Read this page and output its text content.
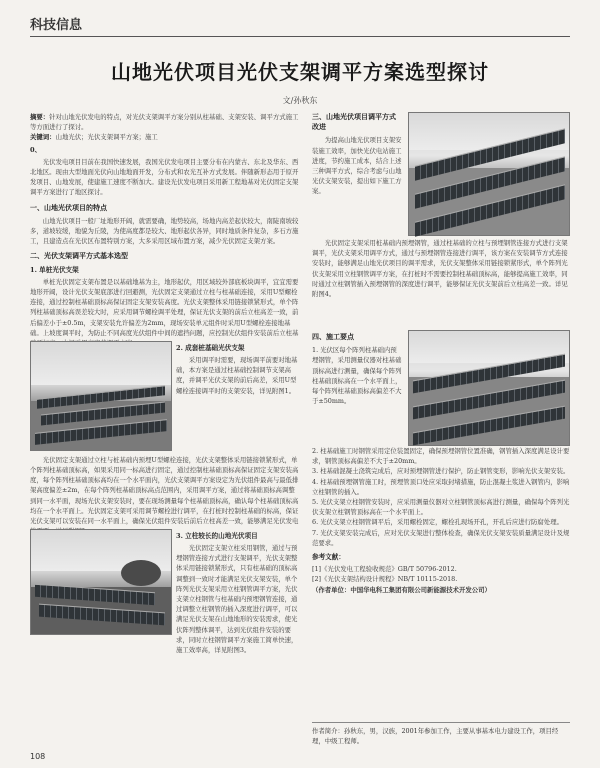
科技信息
山地光伏项目光伏支架调平方案选型探讨
文/孙秋东

摘要：针对山地光伏发电的特点，对光伏支架调平方案分别从柱基础、支架安装、调平方式施工等方面进行了探讨。

关键词：山地光伏；光伏支架调平方案；施工

0、

光伏发电项目目前在我国快速发展，我国光伏发电项目主要分布在内蒙古、东北及华东、西北地区。现由大型地面光伏向山地地面开发，分布式和农光互补方式发展。伴随新形态用于原开发项目、山地发展，使建施工速度不断加大。建设光伏发电项目采用新工程地基对光伏固定支架调平方案进行了地区探讨。

一、山地光伏项目的特点

山地光伏项目一般厂址地形开阔，就需要确，地势较高，场地内高差起伏较大，南陡南坡较多，道坡较缓，地貌为丘陵，为使高度都是较大、地形起伏各异，同时地质条件复杂，多石方施工，且建造点在光伏区布置特别方案，大多采用区域布置方案，减少光伏固定支架方案。

二、光伏支架调平方式基本选型

1. 单桩光伏支架

单桩光伏固定支架布置是以基础地基为主，地形起伏，用区域较外部底板块调平，宜宜需要地形开阔，设计光伏支架底部进行回避测，光伏固定支架通过立柱与柱基础连接，采用U型螺栓连接，通过控制柱基础顶标高保证固定支架安装高度。光伏支架整体采用链接锁紧形式，单个阵列柱基础顶标高误差较大时，应采用调节螺栓调平处理，保证光伏支架的前后立柱高差一致，前后偏差小于±0.5m，支架安装允许偏差为2mm，现场安装单元组件时采用U型螺栓连接地基础。上坡度调平时，为防止不同高度光伏组件中间的遮挡问题，应控制光伏组件安装前后立柱基

2. 成套桩基础光伏支架

采用调平时需要，现场调平前要对地基础，本方案是通过柱基础控制调节支架高度，并调平光伏支架的前后高差，采用U型螺栓连接调平时的支架安装，详见附图1。

光伏固定支架通过立柱与桩基础内预埋U型螺栓连接，光伏支架整体采用链接锁紧形式，单个阵列柱基础顶标高，如果采用同一标高进行固定，通过控制柱基础顶标高保证固定支架安装高度，每个阵列柱基础顶标高均在一个水平面内，光伏支架调平方案设定为光伏组件最高与最低排架高度偏差±2m，在每个阵列柱基础顶标高点范围内，采用调平方案，通过将基础顶标高调整到同一水平面，现场光伏支架安装时，要在现场测量每个柱基础顶标高，确认每个柱基础顶标高均在一个水平面上。光伏固定支架可采用调节螺栓进行调平，在打桩时控制柱基础的标高，保证光伏支架可以安装在同一水平面上，确保光伏组件安装后前后立柱高差一致，能够满足光伏发电

3. 立柱较长的山地光伏项目

光伏固定支架立柱采用钢管，通过与预埋钢管连接方式进行支架调平，光伏支架整体采用链接锁紧形式，只有柱基础的顶标高调整到一致时才能满足光伏支架安装，单个阵列光伏支架采用立柱钢管调平方案，光伏支架立柱钢管与柱基础内预埋钢管连接，通过调整立柱钢管的插入深度进行调平，可以满足光伏支架在山地地形的安装需求，使光伏阵列整体调平，达到光伏组件安装的要求，同时立柱钢管调平方案施工简单快速，施工效率高，详见附图3。

三、山地光伏项目调平方式改进

为提高山地光伏项目支架安装施工效率，加快光伏电站施工进度，节约施工成本，结合上述三种调平方式，综合考虑与山地光伏支架安装，提出如下施工方案。

光伏固定支架采用桩基础内预埋钢管，通过柱基础的立柱与预埋钢管连接方式进行支架调平，光伏支架采用调平方式，通过与预埋钢管连接进行调平，该方案在安装调节方式连接安装时，能够满足山地光伏项目的调平需求，光伏支架整体采用链接锁紧形式，单个阵列光伏支架采用立柱钢管调平方案，在打桩时不需要控制柱基础顶标高，能够提高施工效率，同时通过立柱钢管插入预埋钢管的深度进行调平，能够保证光伏支架前后立柱高差一致。详见附图4。

四、施工要点

1. 光伏区每个阵列柱基础内预埋钢管，采用测量仪器对柱基础顶标高进行测量，确保每个阵列柱基础顶标高在一个水平面上，每个阵列柱基础顶标高偏差不大于±50mm。

2. 柱基础施工时钢管采用定位装置固定，确保预埋钢管位置准确，钢管插入深度满足设计要求，钢管顶标高偏差不大于±20mm。

3. 柱基础混凝土浇筑完成后，应对预埋钢管进行保护，防止钢管变形，影响光伏支架安装。

4. 柱基础预埋钢管施工时，预埋管顶口处应采取封堵措施，防止混凝土浆进入钢管内，影响立柱钢管的插入。

5. 光伏支架立柱钢管安装时，应采用测量仪器对立柱钢管顶标高进行测量，确保每个阵列光伏支架立柱钢管顶标高在一个水平面上。

6. 光伏支架立柱钢管调平后，采用螺栓固定，螺栓孔现场开孔，开孔后应进行防腐处理。

7. 光伏支架安装完成后，应对光伏支架进行整体检查，确保光伏支架安装质量满足设计及规范要求。

参考文献：

[1]《光伏发电工程验收规范》GB/T 50796-2012.

[2]《光伏支架结构设计规程》NB/T 10115-2018.

（作者单位：中国华电科工集团有限公司新能源技术开发公司）

作者简介：孙秋东，男，汉族，2001年参加工作，主要从事基本电力建设工作，项目经理，中级工程师。
108
